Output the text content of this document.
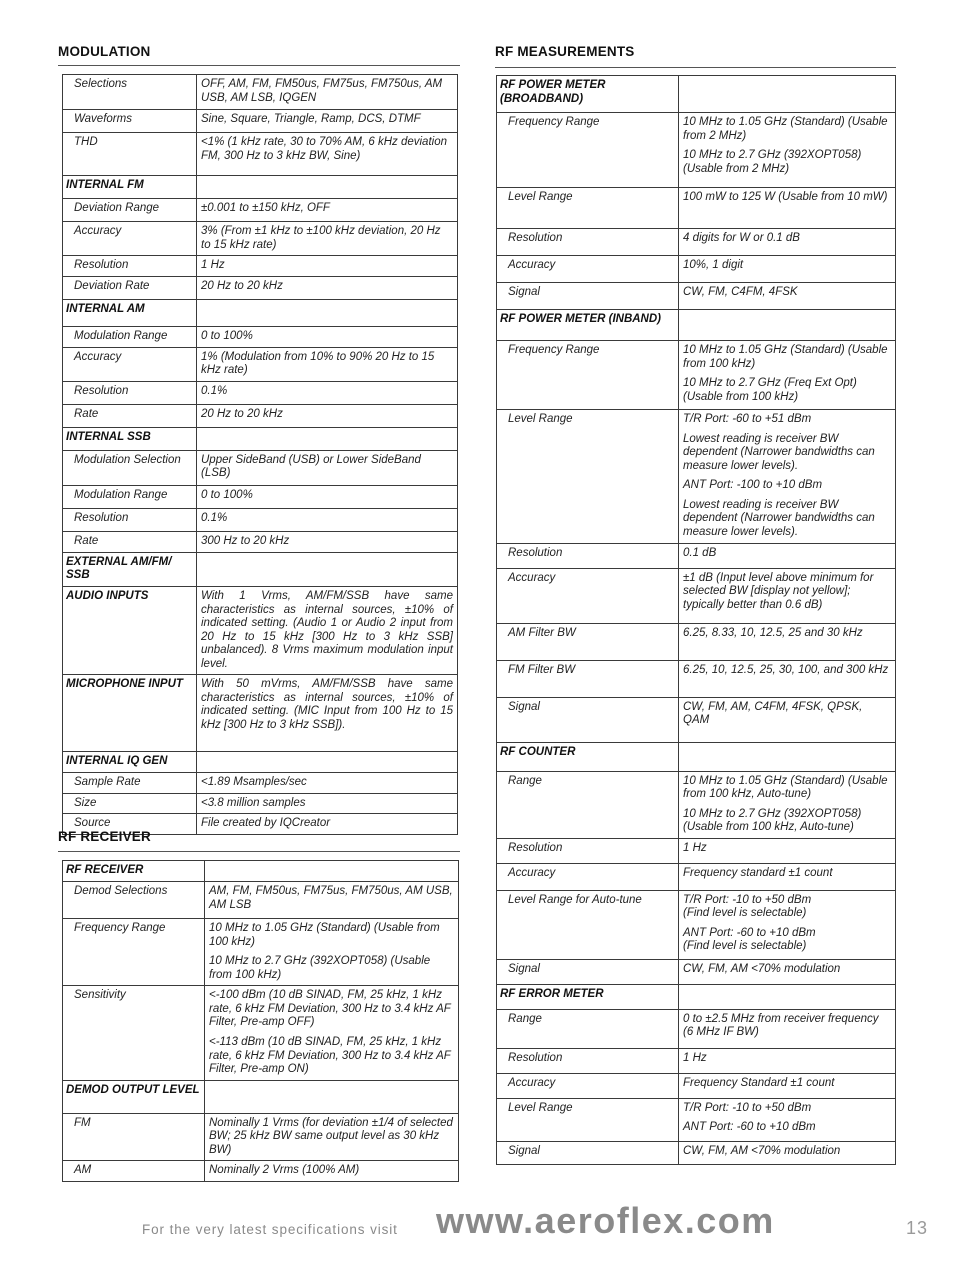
MODULATION
Selections	OFF, AM, FM, FM50us, FM75us, FM750us, AM USB, AM LSB, IQGEN

Waveforms	Sine, Square, Triangle, Ramp, DCS, DTMF

THD	<1% (1 kHz rate, 30 to 70% AM, 6 kHz deviation FM, 300 Hz to 3 kHz BW, Sine)

INTERNAL FM	
Deviation Range	±0.001 to ±150 kHz, OFF

Accuracy	3% (From ±1 kHz to ±100 kHz deviation, 20 Hz to 15 kHz rate)

Resolution	1 Hz

Deviation Rate	20 Hz to 20 kHz

INTERNAL AM	
Modulation Range	0 to 100%

Accuracy	1% (Modulation from 10% to 90% 20 Hz to 15 kHz rate)

Resolution	0.1%

Rate	20 Hz to 20 kHz

INTERNAL SSB	
Modulation Selection	Upper SideBand (USB) or Lower SideBand (LSB)

Modulation Range	0 to 100%

Resolution	0.1%

Rate	300 Hz to 20 kHz

EXTERNAL AM/FM/ SSB	
AUDIO INPUTS	With 1 Vrms, AM/FM/SSB have same characteristics as internal sources, ±10% of indicated setting. (Audio 1 or Audio 2 input from 20 Hz to 15 kHz [300 Hz to 3 kHz SSB] unbalanced). 8 Vrms maximum modulation input level.

MICROPHONE INPUT	With 50 mVrms, AM/FM/SSB have same characteristics as internal sources, ±10% of indicated setting. (MIC Input from 100 Hz to 15 kHz [300 Hz to 3 kHz SSB]).

INTERNAL IQ GEN	
Sample Rate	<1.89 Msamples/sec

Size	<3.8 million samples

Source	File created by IQCreator

RF RECEIVER
RF RECEIVER	
Demod Selections	AM, FM, FM50us, FM75us, FM750us, AM USB, AM LSB

Frequency Range	10 MHz to 1.05 GHz (Standard) (Usable from 100 kHz)

10 MHz to 2.7 GHz (392XOPT058) (Usable from 100 kHz)

Sensitivity	<-100 dBm (10 dB SINAD, FM, 25 kHz, 1 kHz rate, 6 kHz FM Deviation, 300 Hz to 3.4 kHz AF Filter, Pre-amp OFF)

<-113 dBm (10 dB SINAD, FM, 25 kHz, 1 kHz rate, 6 kHz FM Deviation, 300 Hz to 3.4 kHz AF Filter, Pre-amp ON)

DEMOD OUTPUT LEVEL	
FM	Nominally 1 Vrms (for deviation ±1/4 of selected BW; 25 kHz BW same output level as 30 kHz BW)

AM	Nominally 2 Vrms (100% AM)

RF MEASUREMENTS
RF POWER METER (BROADBAND)	
Frequency Range	10 MHz to 1.05 GHz (Standard) (Usable from 2 MHz)

10 MHz to 2.7 GHz (392XOPT058) (Usable from 2 MHz)

Level Range	100 mW to 125 W (Usable from 10 mW)

Resolution	4 digits for W or 0.1 dB

Accuracy	10%, 1 digit

Signal	CW, FM, C4FM, 4FSK

RF POWER METER (INBAND)	
Frequency Range	10 MHz to 1.05 GHz (Standard) (Usable from 100 kHz)

10 MHz to 2.7 GHz (Freq Ext Opt) (Usable from 100 kHz)

Level Range	T/R Port: -60 to +51 dBm

Lowest reading is receiver BW dependent (Narrower bandwidths can measure lower levels).

ANT Port: -100 to +10 dBm

Lowest reading is receiver BW dependent (Narrower bandwidths can measure lower levels).

Resolution	0.1 dB

Accuracy	±1 dB (Input level above minimum for selected BW [display not yellow]; typically better than 0.6 dB)

AM Filter BW	6.25, 8.33, 10, 12.5, 25 and 30 kHz

FM Filter BW	6.25, 10, 12.5, 25, 30, 100, and 300 kHz

Signal	CW, FM, AM, C4FM, 4FSK, QPSK, QAM

RF COUNTER	
Range	10 MHz to 1.05 GHz (Standard) (Usable from 100 kHz, Auto-tune)

10 MHz to 2.7 GHz (392XOPT058) (Usable from 100 kHz, Auto-tune)

Resolution	1 Hz

Accuracy	Frequency standard ±1 count

Level Range for Auto-tune	T/R Port: -10 to +50 dBm
(Find level is selectable)

ANT Port: -60 to +10 dBm
(Find level is selectable)

Signal	CW, FM, AM <70% modulation

RF ERROR METER	
Range	0 to ±2.5 MHz from receiver frequency (6 MHz IF BW)

Resolution	1 Hz

Accuracy	Frequency Standard ±1 count

Level Range	T/R Port: -10 to +50 dBm

ANT Port: -60 to +10 dBm

Signal	CW, FM, AM <70% modulation

For the very latest specifications visit www.aeroflex.com	13
